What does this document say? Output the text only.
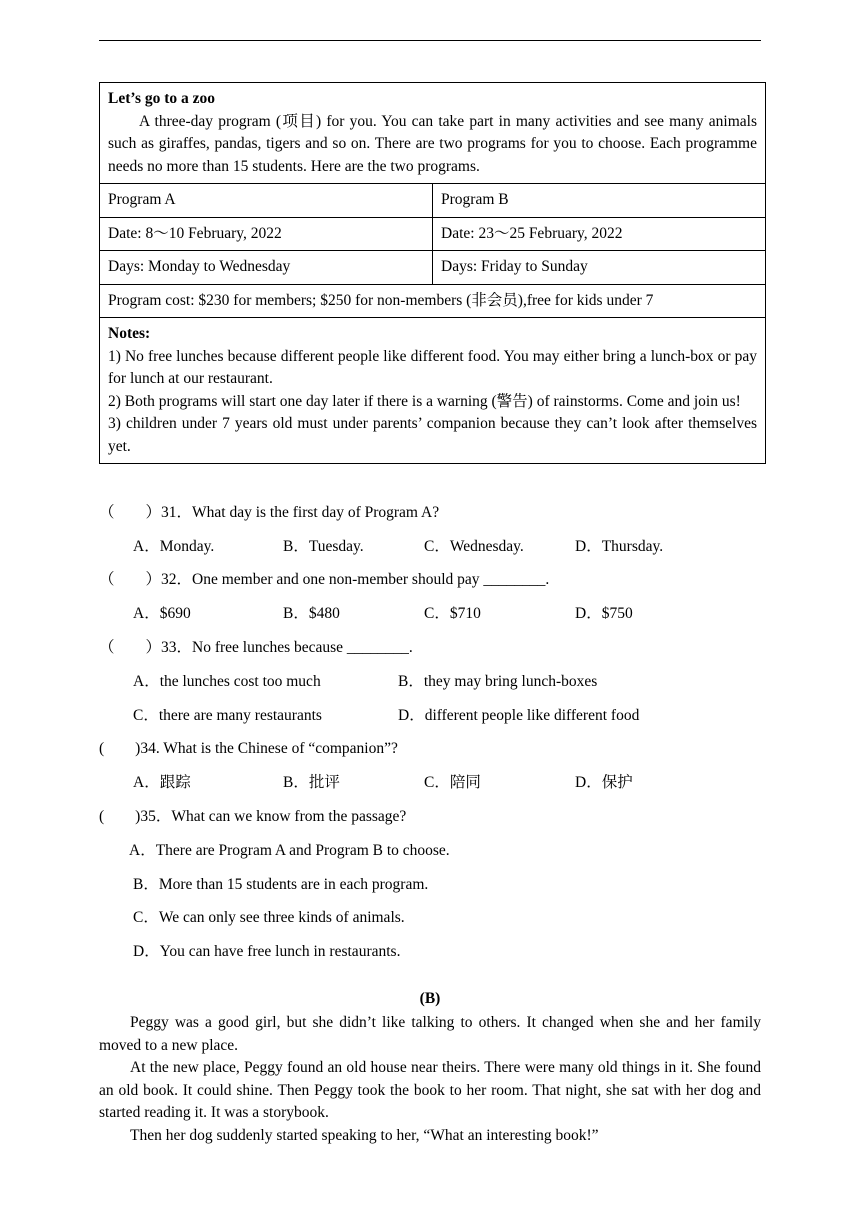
Let’s go to a zoo
A three-day program (项目) for you. You can take part in many activities and see many animals such as giraffes, pandas, tigers and so on. There are two programs for you to choose. Each programme needs no more than 15 students. Here are the two programs.	

Program A	Program B
Date: 8～10 February, 2022	Date: 23～25 February, 2022
Days: Monday to Wednesday	Days: Friday to Sunday
Program cost: $230 for members; $250 for non-members (非会员),free for kids under 7	

Notes:
1) No free lunches because different people like different food. You may either bring a lunch-box or pay for lunch at our restaurant.
2) Both programs will start one day later if there is a warning (警告) of rainstorms. Come and join us!
3) children under 7 years old must under parents’ companion because they can’t look after themselves yet.	
（　　）31．What day is the first day of Program A?
A．Monday.	B．Tuesday.	C．Wednesday.	D．Thursday.
（　　）32．One member and one non-member should pay ________.
A．$690	B．$480	C．$710	D．$750
（　　）33．No free lunches because ________.
A．the lunches cost too much	B．they may bring lunch-boxes
C．there are many restaurants	D．different people like different food
(　　)34. What is the Chinese of “companion”?
A．跟踪	B．批评	C．陪同	D．保护
(　　)35．What can we know from the passage?
A．There are Program A and Program B to choose.
B．More than 15 students are in each program.
C．We can only see three kinds of animals.
D．You can have free lunch in restaurants.
(B)

Peggy was a good girl, but she didn’t like talking to others. It changed when she and her family moved to a new place.

At the new place, Peggy found an old house near theirs. There were many old things in it. She found an old book. It could shine. Then Peggy took the book to her room. That night, she sat with her dog and started reading it. It was a storybook.

Then her dog suddenly started speaking to her, “What an interesting book!”
